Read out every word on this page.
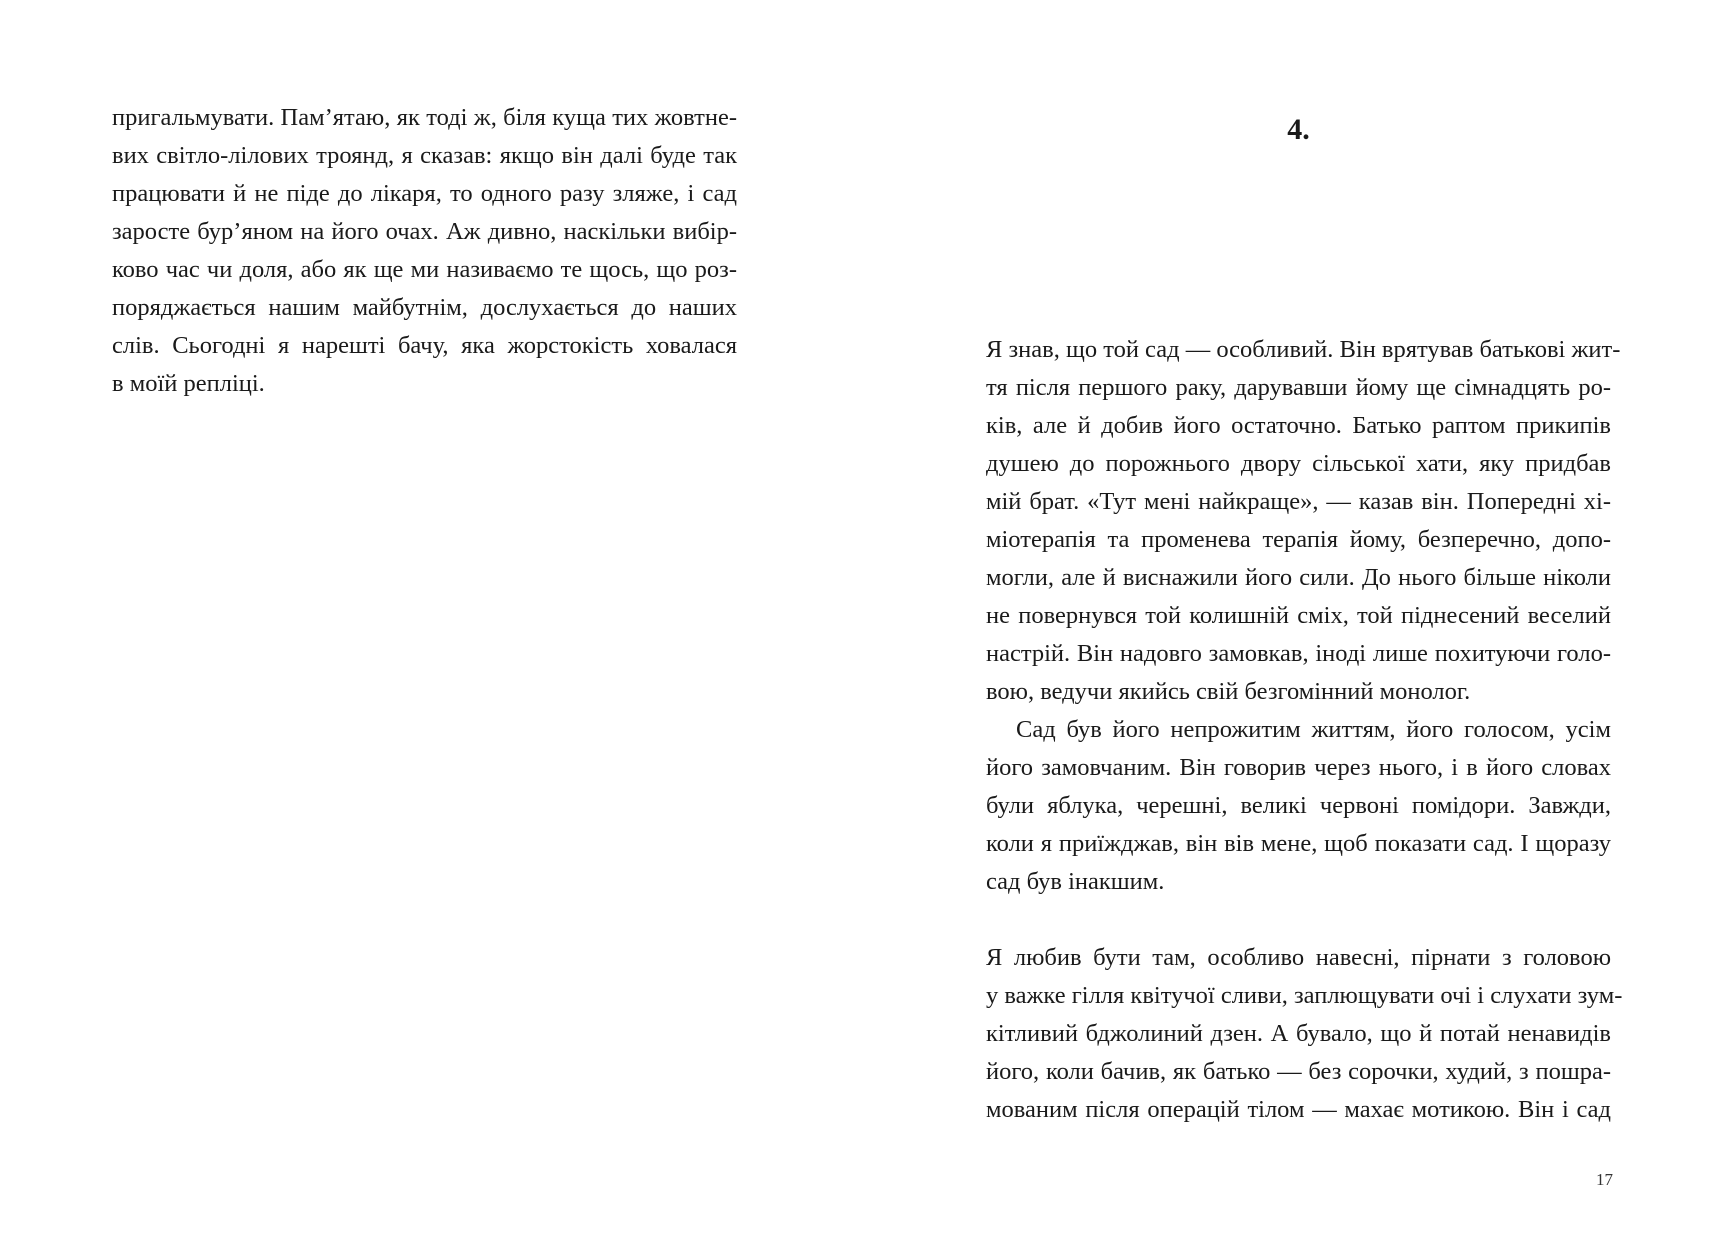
пригальмувати. Пам’ятаю, як тоді ж, біля куща тих жовтне-
вих світло-лілових троянд, я сказав: якщо він далі буде так
працювати й не піде до лікаря, то одного разу зляже, і сад
заросте бур’яном на його очах. Аж дивно, наскільки вибір-
ково час чи доля, або як ще ми називаємо те щось, що роз-
поряджається нашим майбутнім, дослухається до наших
слів. Сьогодні я нарешті бачу, яка жорстокість ховалася
в моїй репліці.
4.
Я знав, що той сад — особливий. Він врятував батькові жит-
тя після першого раку, дарувавши йому ще сімнадцять ро-
ків, але й добив його остаточно. Батько раптом прикипів
душею до порожнього двору сільської хати, яку придбав
мій брат. «Тут мені найкраще», — казав він. Попередні хі-
міотерапія та променева терапія йому, безперечно, допо-
могли, але й виснажили його сили. До нього більше ніколи
не повернувся той колишній сміх, той піднесений веселий
настрій. Він надовго замовкав, іноді лише похитуючи голо-
вою, ведучи якийсь свій безгомінний монолог.
Сад був його непрожитим життям, його голосом, усім
його замовчаним. Він говорив через нього, і в його словах
були яблука, черешні, великі червоні помідори. Завжди,
коли я приїжджав, він вів мене, щоб показати сад. І щоразу
сад був інакшим.
Я любив бути там, особливо навесні, пірнати з головою
у важке гілля квітучої сливи, заплющувати очі і слухати зум-
кітливий бджолиний дзен. А бувало, що й потай ненавидів
його, коли бачив, як батько — без сорочки, худий, з пошра-
мованим після операцій тілом — махає мотикою. Він і сад
17
